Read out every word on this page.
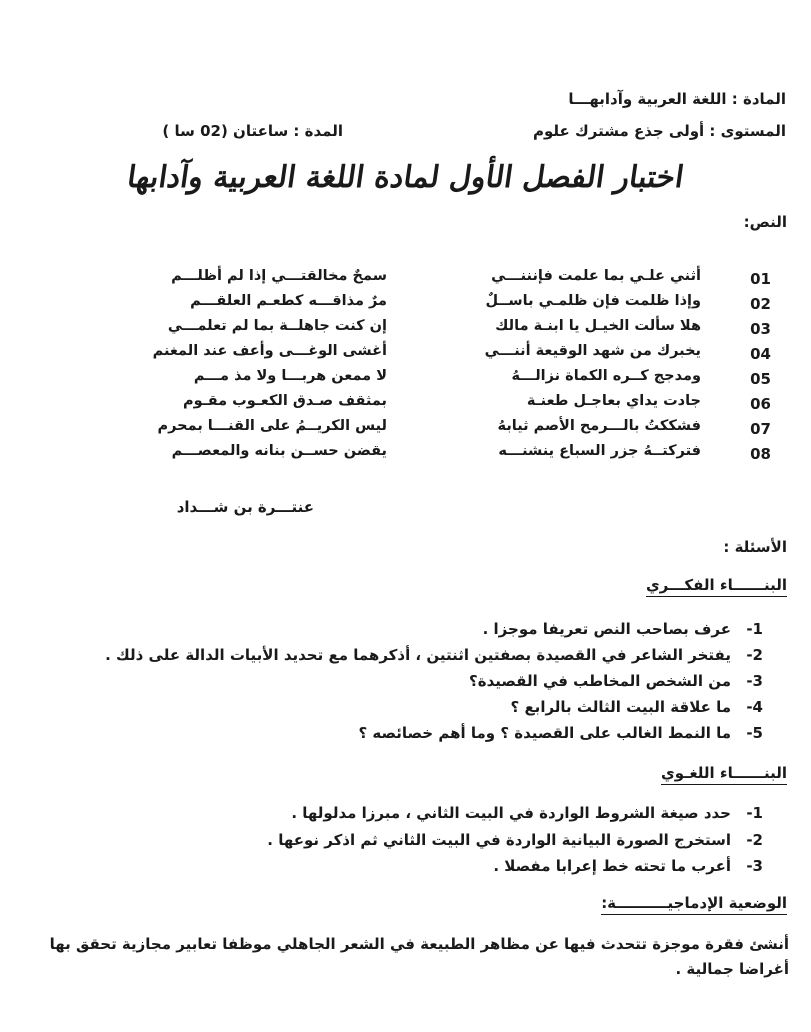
المادة : اللغة العربية وآدابهـــا
المستوى : أولى جذع مشترك علوم
المدة : ساعتان (02 سا )
اختبار الفصل الأول لمادة اللغة العربية وآدابها
النص:
01
أثني علـي بما علمت فإنننـــي
سمحٌ مخالقتـــي إذا لم أظلـــم
02
وإذا ظلمت فإن ظلمـي باســلٌ
مرٌ مذاقـــه كطعـم العلقـــم
03
هلا سألت الخيـل يا ابنـة مالك
إن كنت جاهلــة بما لم تعلمـــي
04
يخبرك من شهد الوقيعة أننـــي
أغشى الوغـــى وأعف عند المغنم
05
ومدجج كــره الكماة نزالـــهُ
لا ممعن هربـــا ولا مذ مـــم
06
جادت يداي بعاجـل طعنـة
بمثقف صـدق الكعـوب مقـوم
07
فشككتُ بالـــرمح الأصم ثيابهُ
ليس الكريــمُ على القنـــا بمحرم
08
فتركتــهُ جزر السباع ينشنـــه
يقضن حســن بنانه والمعصـــم
عنتـــرة بن شـــداد
الأسئلة :
البنــــــاء الفكـــري
-1
عرف بصاحب النص تعريفا موجزا .
-2
يفتخر الشاعر في القصيدة بصفتين اثنتين ، أذكرهما مع تحديد الأبيات الدالة على ذلك .
-3
من الشخص المخاطب في القصيدة؟
-4
ما علاقة البيت الثالث بالرابع ؟
-5
ما النمط الغالب على القصيدة ؟ وما أهم خصائصه ؟
البنــــــاء اللغـوي
-1
حدد صيغة الشروط الواردة في البيت الثاني ، مبرزا مدلولها .
-2
استخرج الصورة البيانية الواردة في البيت الثاني ثم اذكر نوعها .
-3
أعرب ما تحته خط إعرابا مفصلا .
الوضعية الإدماجيــــــــــة:
أنشئ فقرة موجزة تتحدث فيها عن مظاهر الطبيعة في الشعر الجاهلي موظفا تعابير مجازية تحقق بها أغراضا جمالية .
